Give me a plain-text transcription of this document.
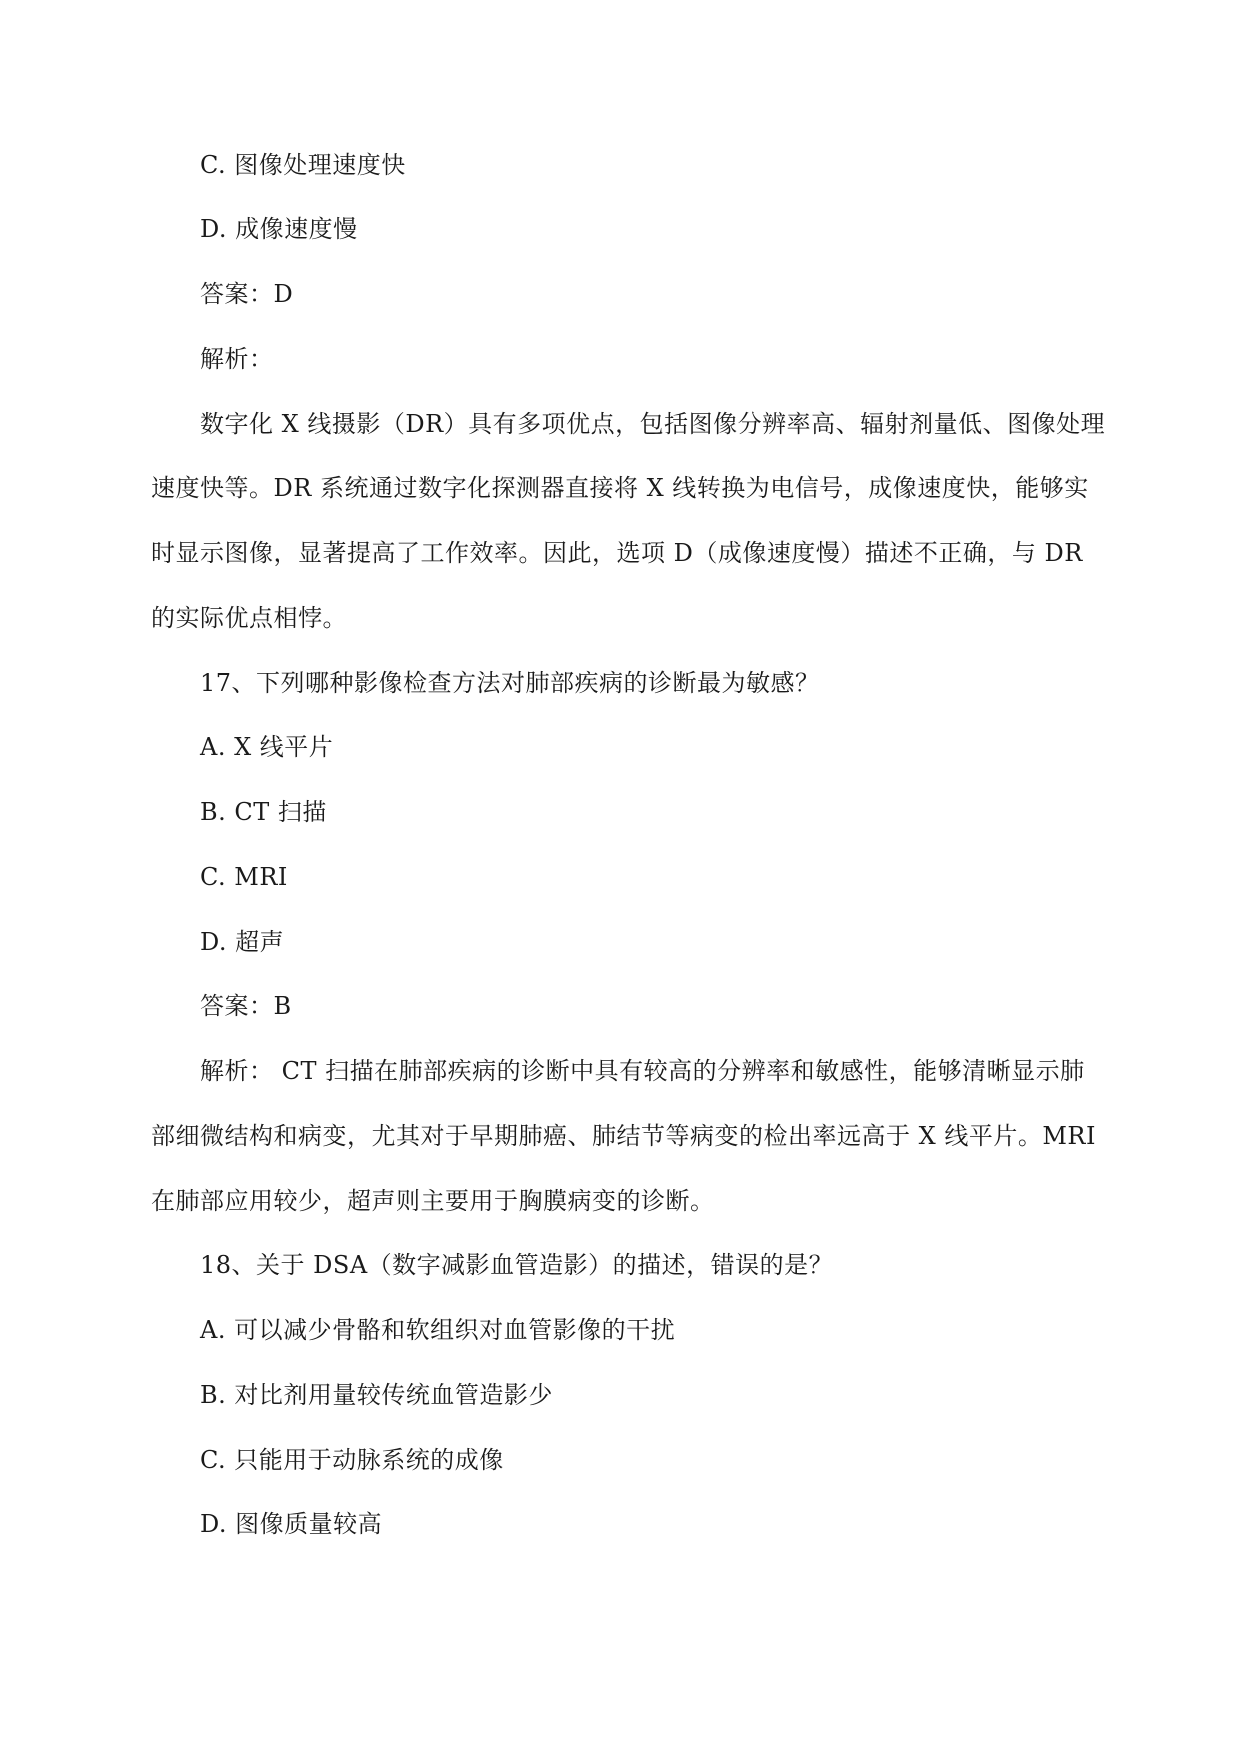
C. 图像处理速度快
D. 成像速度慢
答案：D
解析：
数字化 X 线摄影（DR）具有多项优点，包括图像分辨率高、辐射剂量低、图像处理
速度快等。DR 系统通过数字化探测器直接将 X 线转换为电信号，成像速度快，能够实
时显示图像，显著提高了工作效率。因此，选项 D（成像速度慢）描述不正确，与 DR
的实际优点相悖。
17、下列哪种影像检查方法对肺部疾病的诊断最为敏感？
A. X 线平片
B. CT 扫描
C. MRI
D. 超声
答案：B
解析： CT 扫描在肺部疾病的诊断中具有较高的分辨率和敏感性，能够清晰显示肺
部细微结构和病变，尤其对于早期肺癌、肺结节等病变的检出率远高于 X 线平片。MRI
在肺部应用较少，超声则主要用于胸膜病变的诊断。
18、关于 DSA（数字减影血管造影）的描述，错误的是？
A. 可以减少骨骼和软组织对血管影像的干扰
B. 对比剂用量较传统血管造影少
C. 只能用于动脉系统的成像
D. 图像质量较高
